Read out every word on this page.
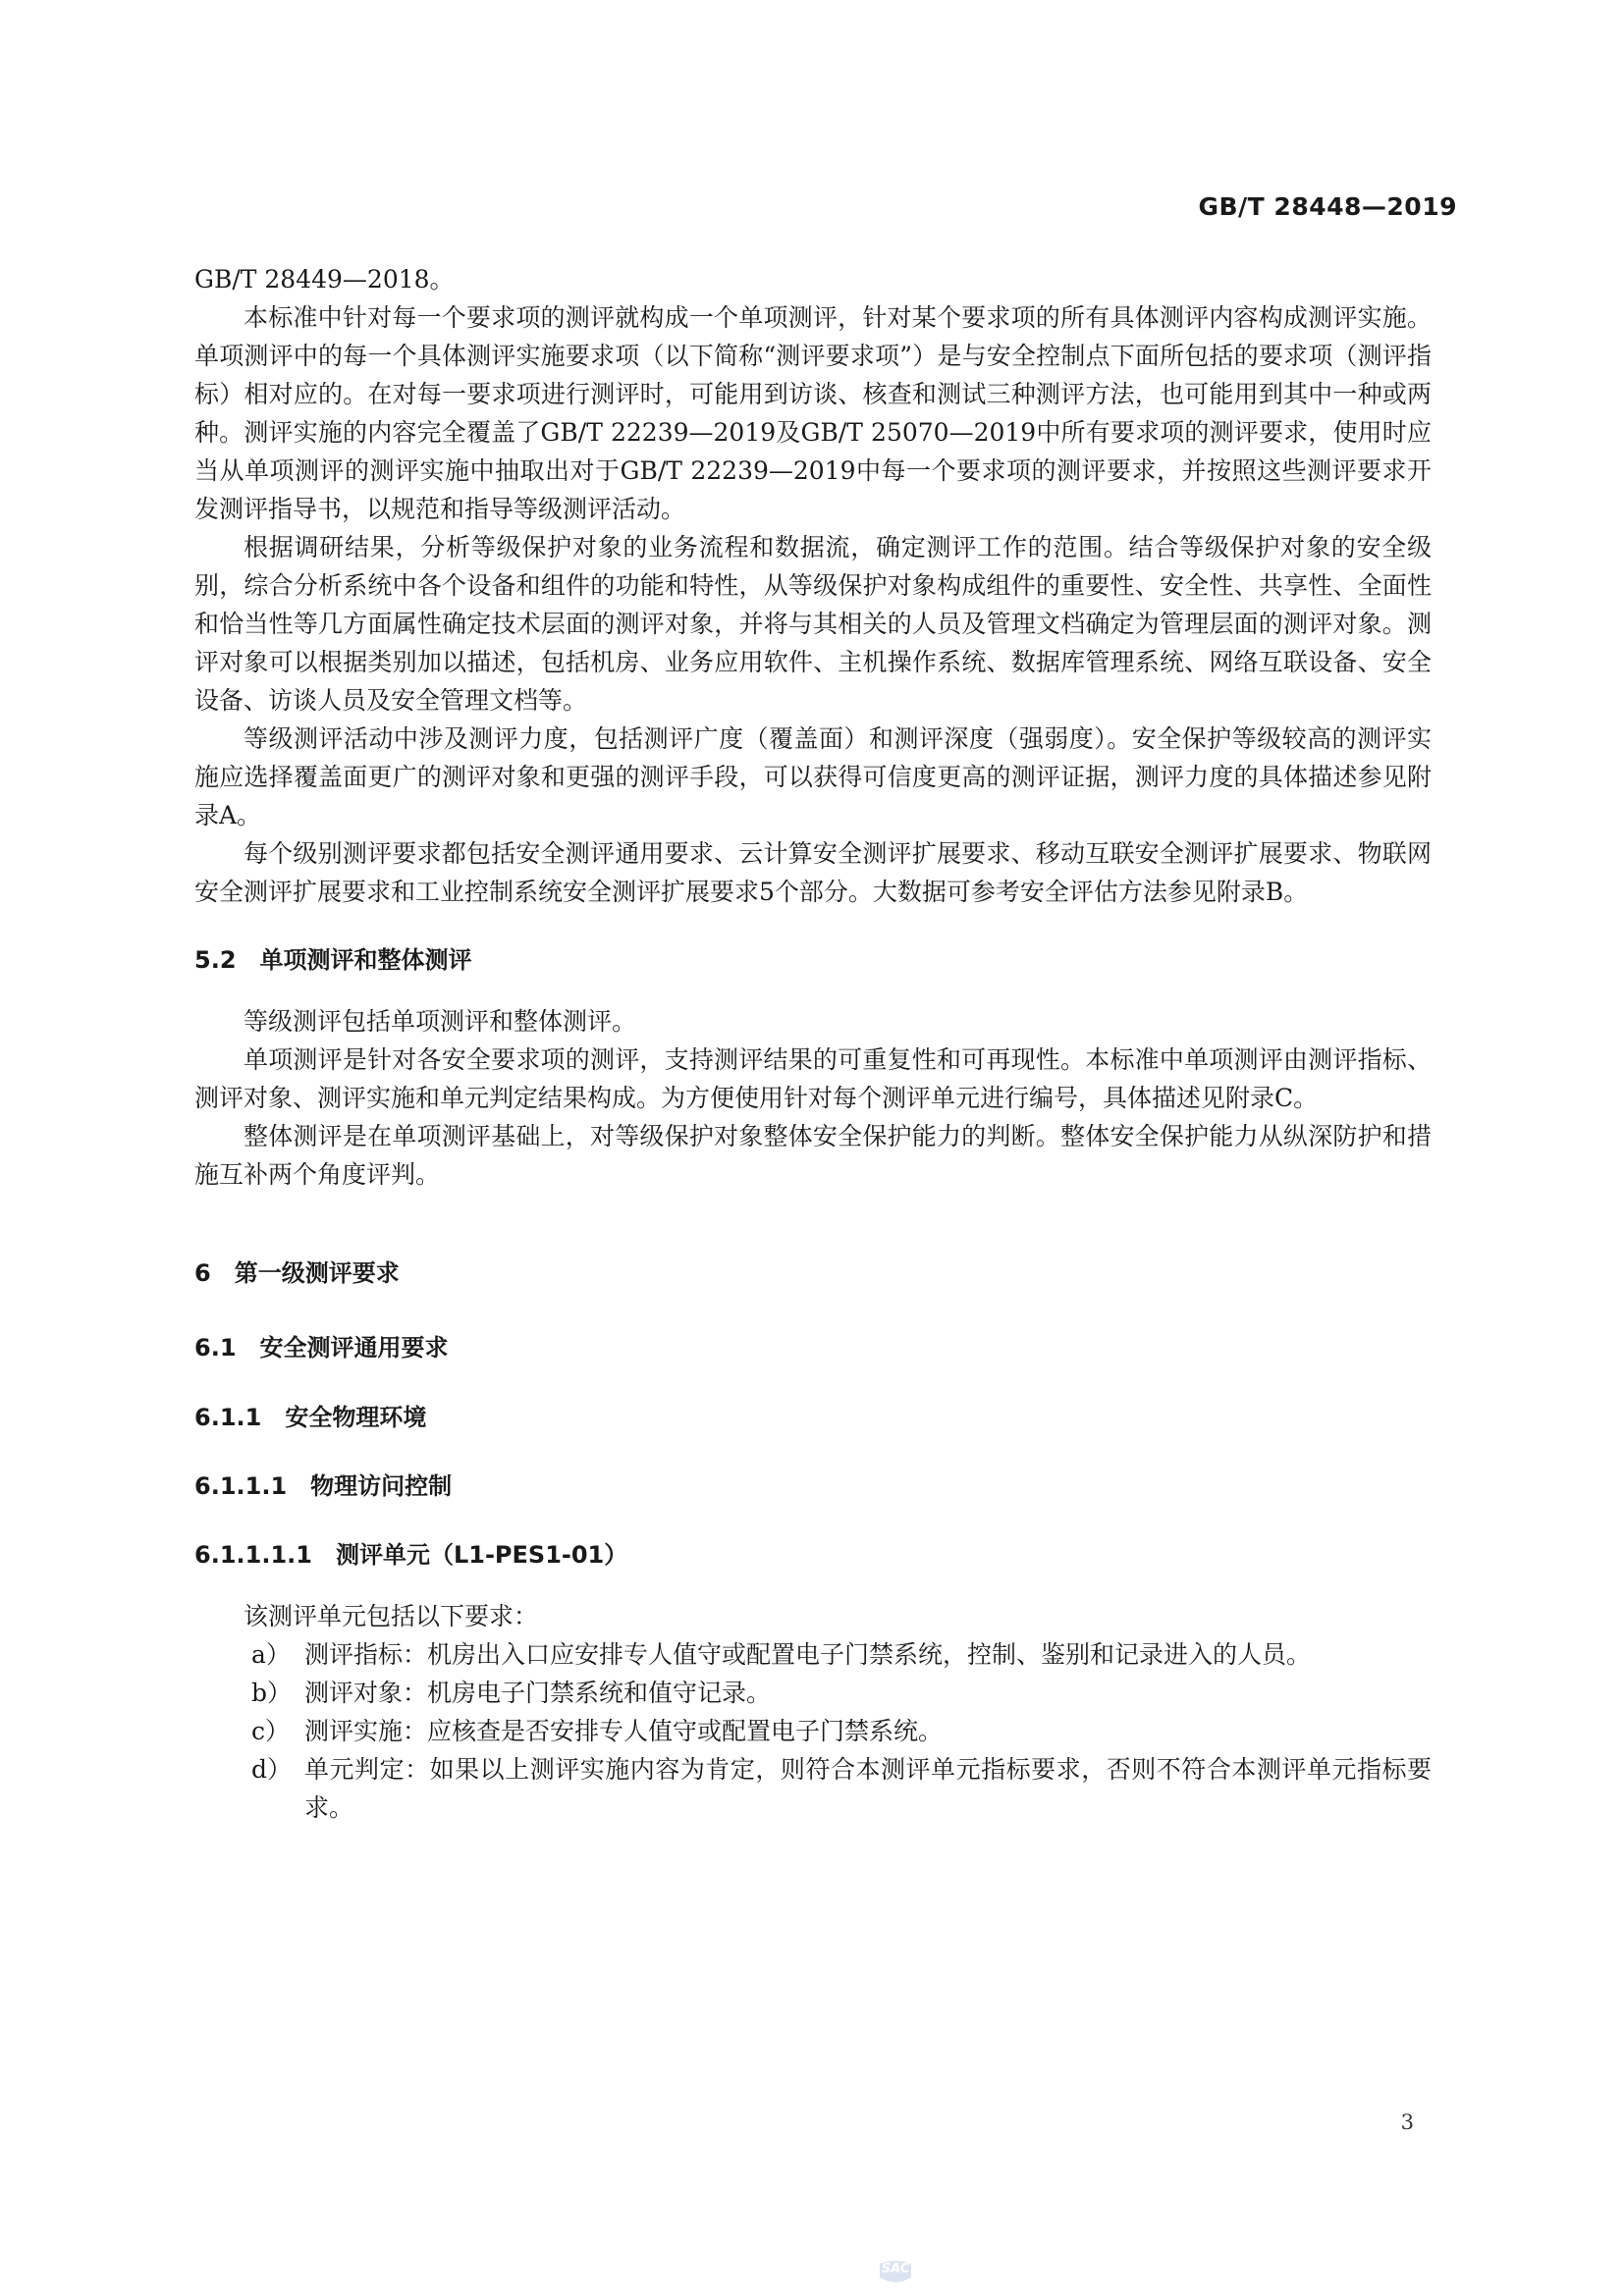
GB/T 28448—2019

GB/T 28449—2018。

本标准中针对每一个要求项的测评就构成一个单项测评，针对某个要求项的所有具体测评内容构成测评实施。单项测评中的每一个具体测评实施要求项（以下简称“测评要求项”）是与安全控制点下面所包括的要求项（测评指标）相对应的。在对每一要求项进行测评时，可能用到访谈、核查和测试三种测评方法，也可能用到其中一种或两种。测评实施的内容完全覆盖了GB/T 22239—2019及GB/T 25070—2019中所有要求项的测评要求，使用时应当从单项测评的测评实施中抽取出对于GB/T 22239—2019中每一个要求项的测评要求，并按照这些测评要求开发测评指导书，以规范和指导等级测评活动。

根据调研结果，分析等级保护对象的业务流程和数据流，确定测评工作的范围。结合等级保护对象的安全级别，综合分析系统中各个设备和组件的功能和特性，从等级保护对象构成组件的重要性、安全性、共享性、全面性和恰当性等几方面属性确定技术层面的测评对象，并将与其相关的人员及管理文档确定为管理层面的测评对象。测评对象可以根据类别加以描述，包括机房、业务应用软件、主机操作系统、数据库管理系统、网络互联设备、安全设备、访谈人员及安全管理文档等。

等级测评活动中涉及测评力度，包括测评广度（覆盖面）和测评深度（强弱度）。安全保护等级较高的测评实施应选择覆盖面更广的测评对象和更强的测评手段，可以获得可信度更高的测评证据，测评力度的具体描述参见附录A。

每个级别测评要求都包括安全测评通用要求、云计算安全测评扩展要求、移动互联安全测评扩展要求、物联网安全测评扩展要求和工业控制系统安全测评扩展要求5个部分。大数据可参考安全评估方法参见附录B。

5.2 单项测评和整体测评

等级测评包括单项测评和整体测评。

单项测评是针对各安全要求项的测评，支持测评结果的可重复性和可再现性。本标准中单项测评由测评指标、测评对象、测评实施和单元判定结果构成。为方便使用针对每个测评单元进行编号，具体描述见附录C。

整体测评是在单项测评基础上，对等级保护对象整体安全保护能力的判断。整体安全保护能力从纵深防护和措施互补两个角度评判。

6 第一级测评要求
6.1 安全测评通用要求
6.1.1 安全物理环境
6.1.1.1 物理访问控制
6.1.1.1.1 测评单元（L1-PES1-01）

该测评单元包括以下要求：

a） 测评指标：机房出入口应安排专人值守或配置电子门禁系统，控制、鉴别和记录进入的人员。
b） 测评对象：机房电子门禁系统和值守记录。
c） 测评实施：应核查是否安排专人值守或配置电子门禁系统。
d） 单元判定：如果以上测评实施内容为肯定，则符合本测评单元指标要求，否则不符合本测评单元指标要求。
3
SAC
